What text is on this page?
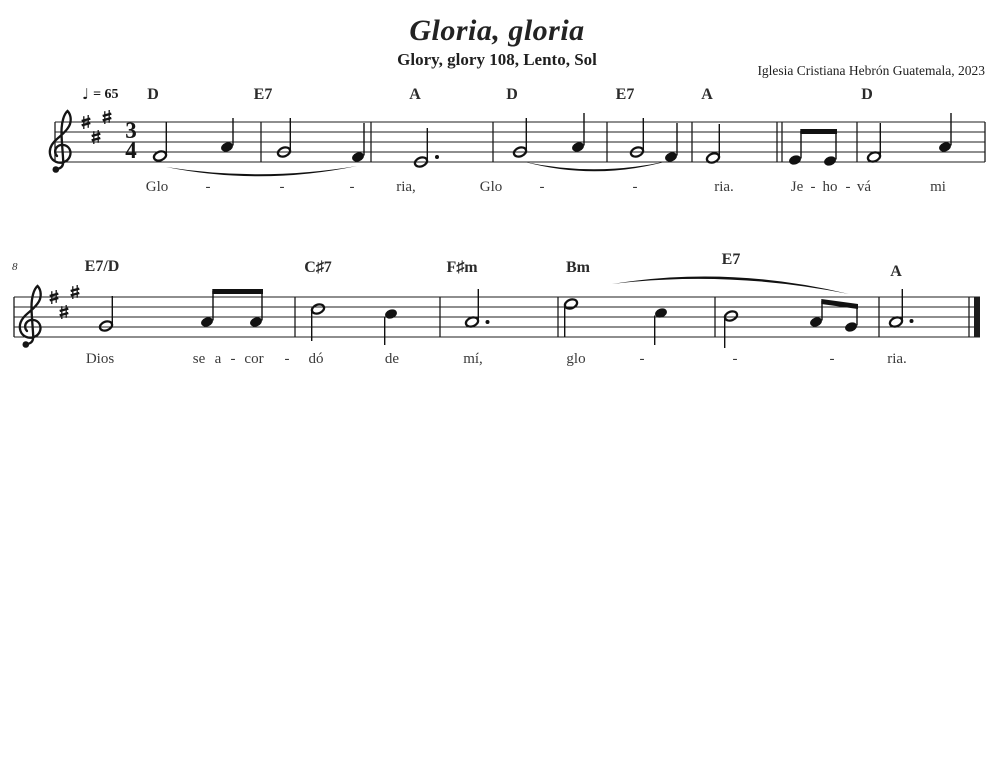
Gloria, gloria
Glory, glory 108, Lento, Sol
Iglesia Cristiana Hebrón Guatemala, 2023
♩ = 65
3
4
8
D	E7	A	D	E7	A	D
E7/D	C♯7	F♯m	Bm	E7
A
Glo -	-	-	ria,	Glo -	-	ria.	Je - ho - vá	mi
Dios	se a - cor - dó	de	mí,	glo	-	-	-	ria.
